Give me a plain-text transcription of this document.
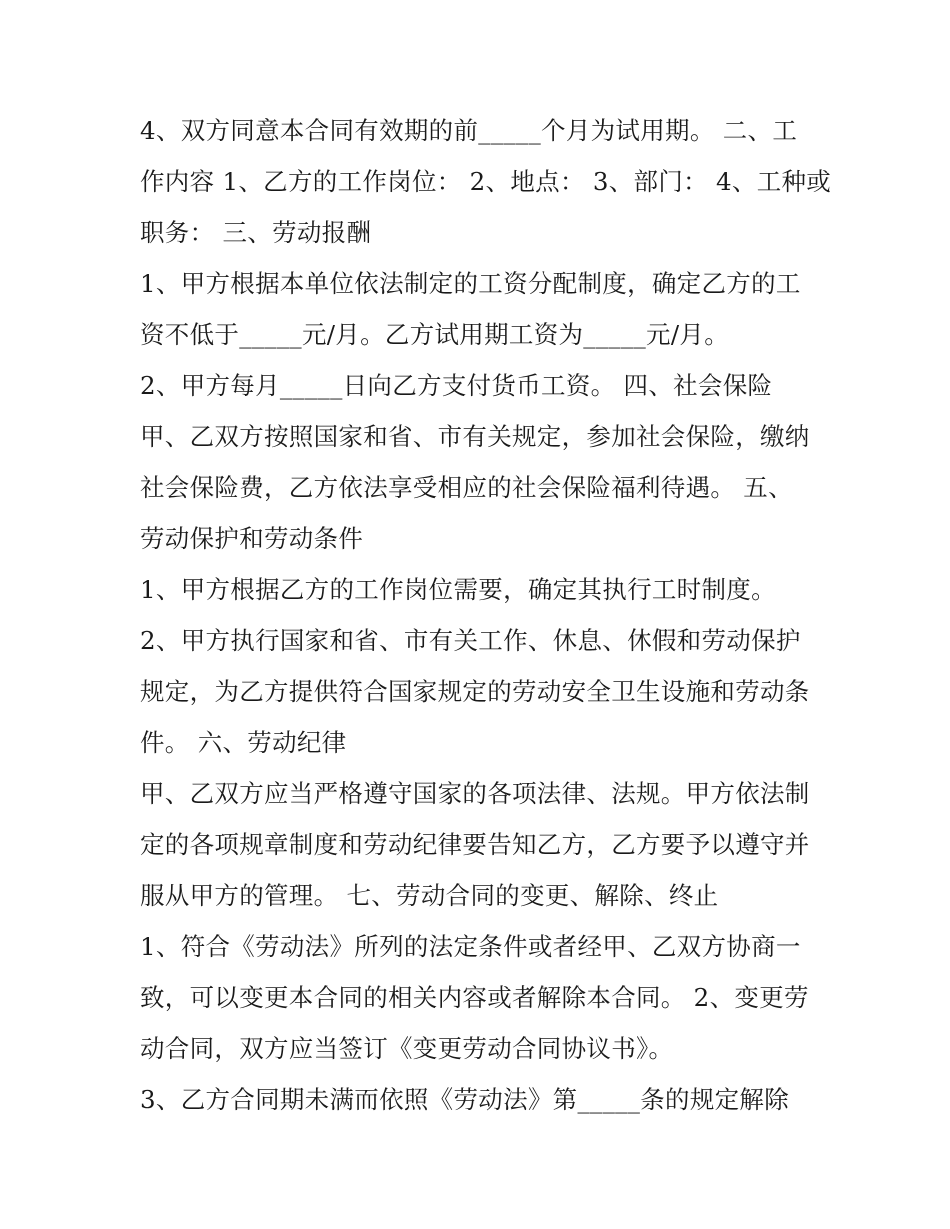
4、双方同意本合同有效期的前_____个月为试用期。 二、工
作内容 1、乙方的工作岗位： 2、地点： 3、部门： 4、工种或
职务： 三、劳动报酬
1、甲方根据本单位依法制定的工资分配制度，确定乙方的工
资不低于_____元/月。乙方试用期工资为_____元/月。
2、甲方每月_____日向乙方支付货币工资。 四、社会保险
甲、乙双方按照国家和省、市有关规定，参加社会保险，缴纳
社会保险费，乙方依法享受相应的社会保险福利待遇。 五、
劳动保护和劳动条件
1、甲方根据乙方的工作岗位需要，确定其执行工时制度。
2、甲方执行国家和省、市有关工作、休息、休假和劳动保护
规定，为乙方提供符合国家规定的劳动安全卫生设施和劳动条
件。 六、劳动纪律
甲、乙双方应当严格遵守国家的各项法律、法规。甲方依法制
定的各项规章制度和劳动纪律要告知乙方，乙方要予以遵守并
服从甲方的管理。 七、劳动合同的变更、解除、终止
1、符合《劳动法》所列的法定条件或者经甲、乙双方协商一
致，可以变更本合同的相关内容或者解除本合同。 2、变更劳
动合同，双方应当签订《变更劳动合同协议书》。
3、乙方合同期未满而依照《劳动法》第_____条的规定解除
